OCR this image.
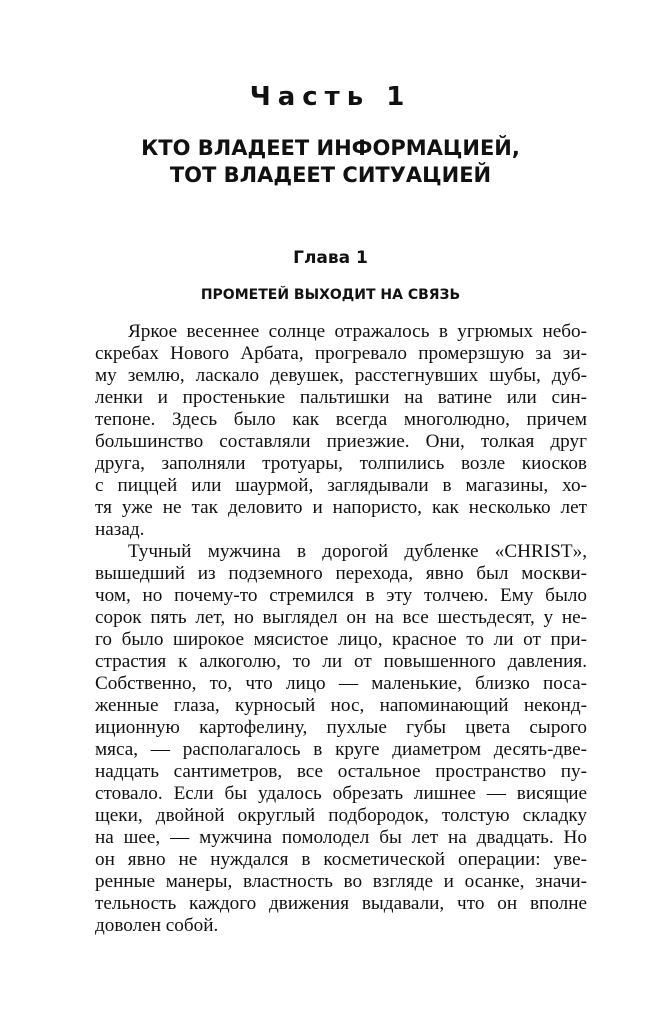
Часть 1
КТО ВЛАДЕЕТ ИНФОРМАЦИЕЙ,
ТОТ ВЛАДЕЕТ СИТУАЦИЕЙ
Глава 1
ПРОМЕТЕЙ ВЫХОДИТ НА СВЯЗЬ
Яркое весеннее солнце отражалось в угрюмых небо-
скребах Нового Арбата, прогревало промерзшую за зи-
му землю, ласкало девушек, расстегнувших шубы, дуб-
ленки и простенькие пальтишки на ватине или син-
тепоне. Здесь было как всегда многолюдно, причем
большинство составляли приезжие. Они, толкая друг
друга, заполняли тротуары, толпились возле киосков
с пиццей или шаурмой, заглядывали в магазины, хо-
тя уже не так деловито и напористо, как несколько лет
назад.
Тучный мужчина в дорогой дубленке «CHRIST»,
вышедший из подземного перехода, явно был москви-
чом, но почему-то стремился в эту толчею. Ему было
сорок пять лет, но выглядел он на все шестьдесят, у не-
го было широкое мясистое лицо, красное то ли от при-
страстия к алкоголю, то ли от повышенного давления.
Собственно, то, что лицо — маленькие, близко поса-
женные глаза, курносый нос, напоминающий неконд-
иционную картофелину, пухлые губы цвета сырого
мяса, — располагалось в круге диаметром десять-две-
надцать сантиметров, все остальное пространство пу-
стовало. Если бы удалось обрезать лишнее — висящие
щеки, двойной округлый подбородок, толстую складку
на шее, — мужчина помолодел бы лет на двадцать. Но
он явно не нуждался в косметической операции: уве-
ренные манеры, властность во взгляде и осанке, значи-
тельность каждого движения выдавали, что он вполне
доволен собой.
